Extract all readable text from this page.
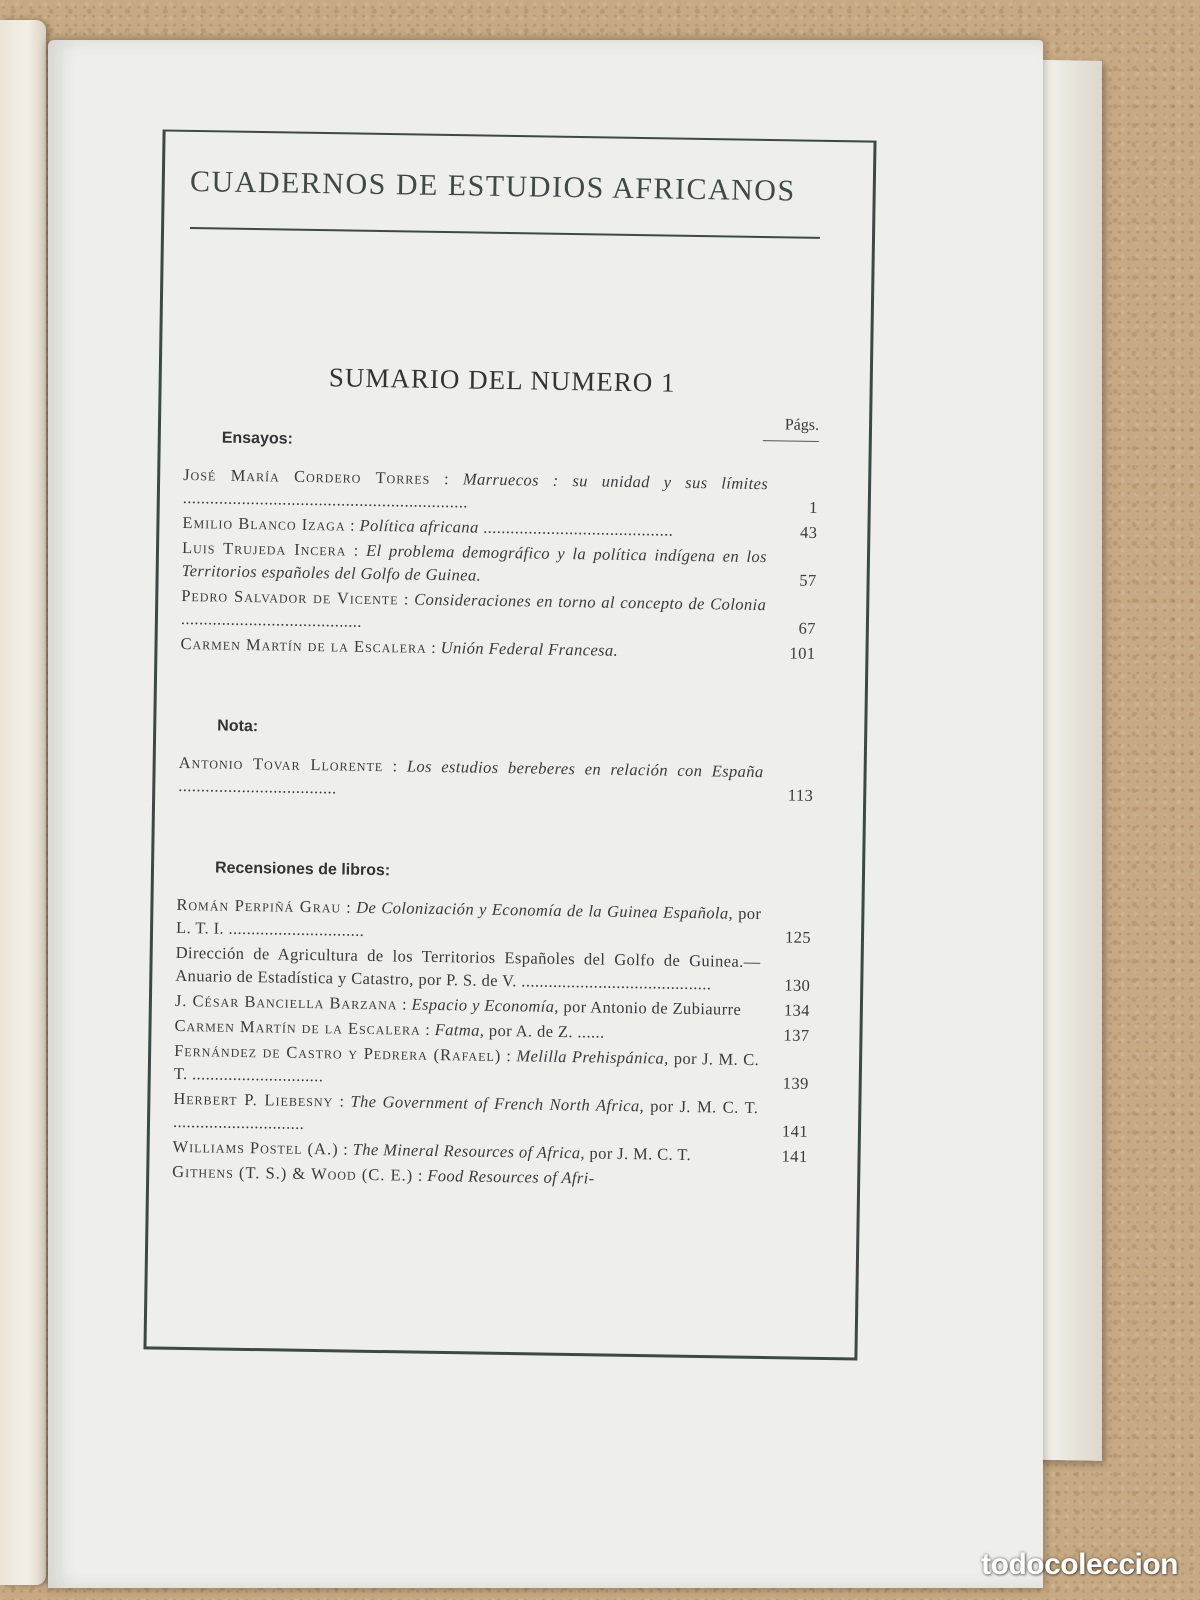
CUADERNOS DE ESTUDIOS AFRICANOS
SUMARIO DEL NUMERO 1
Ensayos:
Págs.
José María Cordero Torres : Marruecos : su unidad y sus límites ...............................................................	1
Emilio Blanco Izaga : Política africana ..........................................	43
Luis Trujeda Incera : El problema demográfico y la política indígena en los Territorios españoles del Golfo de Guinea.	57
Pedro Salvador de Vicente : Consideraciones en torno al concepto de Colonia ........................................	67
Carmen Martín de la Escalera : Unión Federal Francesa.	101
Nota:
Antonio Tovar Llorente : Los estudios bereberes en relación con España ...................................	113
Recensiones de libros:
Román Perpiñá Grau : De Colonización y Economía de la Guinea Española, por L. T. I. ..............................	125
Dirección de Agricultura de los Territorios Españoles del Golfo de Guinea.—Anuario de Estadística y Catastro, por P. S. de V. ..........................................	130
J. César Banciella Barzana : Espacio y Economía, por Antonio de Zubiaurre	134
Carmen Martín de la Escalera : Fatma, por A. de Z. ......	137
Fernández de Castro y Pedrera (Rafael) : Melilla Prehispánica, por J. M. C. T. .............................	139
Herbert P. Liebesny : The Government of French North Africa, por J. M. C. T. .............................	141
Williams Postel (A.) : The Mineral Resources of Africa, por J. M. C. T.	141
Githens (T. S.) & Wood (C. E.) : Food Resources of Afri-
todocoleccion
